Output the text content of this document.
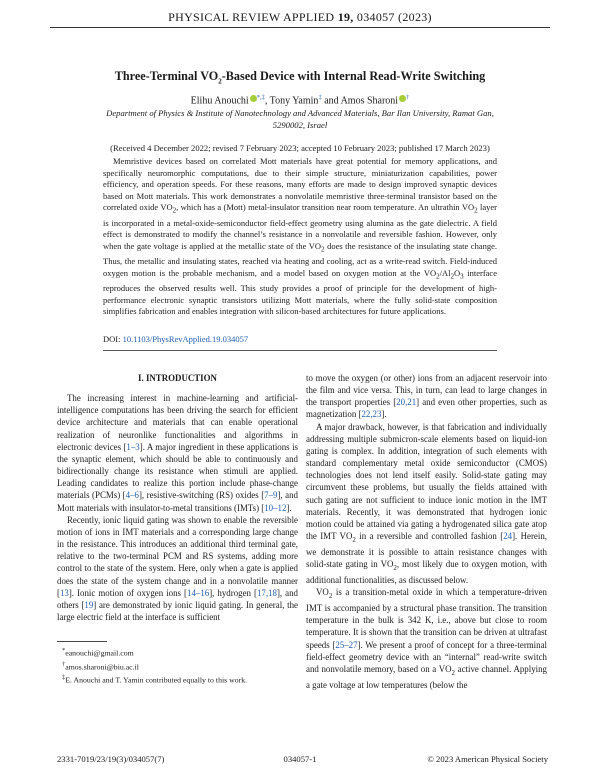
PHYSICAL REVIEW APPLIED 19, 034057 (2023)
Three-Terminal $VO_2$-Based Device with Internal Read-Write Switching
Elihu Anouchi *,‡, Tony Yamin‡ and Amos Sharoni †
Department of Physics & Institute of Nanotechnology and Advanced Materials, Bar Ilan University, Ramat Gan,
5290002, Israel
(Received 4 December 2022; revised 7 February 2023; accepted 10 February 2023; published 17 March 2023)

Memristive devices based on correlated Mott materials have great potential for memory applications, and specifically neuromorphic computations, due to their simple structure, miniaturization capabilities, power efficiency, and operation speeds. For these reasons, many efforts are made to design improved synaptic devices based on Mott materials. This work demonstrates a nonvolatile memristive three-terminal transistor based on the correlated oxide $VO_2$, which has a (Mott) metal-insulator transition near room temperature. An ultrathin $VO_2$ layer is incorporated in a metal-oxide-semiconductor field-effect geometry using alumina as the gate dielectric. A field effect is demonstrated to modify the channel’s resistance in a nonvolatile and reversible fashion. However, only when the gate voltage is applied at the metallic state of the $VO_2$ does the resistance of the insulating state change. Thus, the metallic and insulating states, reached via heating and cooling, act as a write-read switch. Field-induced oxygen motion is the probable mechanism, and a model based on oxygen motion at the $VO_2/Al_2O_3$ interface reproduces the observed results well. This study provides a proof of principle for the development of high-performance electronic synaptic transistors utilizing Mott materials, where the fully solid-state composition simplifies fabrication and enables integration with silicon-based architectures for future applications.

DOI: 10.1103/PhysRevApplied.19.034057
I. INTRODUCTION

The increasing interest in machine-learning and artificial-intelligence computations has been driving the search for efficient device architecture and materials that can enable operational realization of neuronlike functionalities and algorithms in electronic devices [1–3]. A major ingredient in these applications is the synaptic element, which should be able to continuously and bidirectionally change its resistance when stimuli are applied. Leading candidates to realize this portion include phase-change materials (PCMs) [4–6], resistive-switching (RS) oxides [7–9], and Mott materials with insulator-to-metal transitions (IMTs) [10–12].

Recently, ionic liquid gating was shown to enable the reversible motion of ions in IMT materials and a corresponding large change in the resistance. This introduces an additional third terminal gate, relative to the two-terminal PCM and RS systems, adding more control to the state of the system. Here, only when a gate is applied does the state of the system change and in a nonvolatile manner [13]. Ionic motion of oxygen ions [14–16], hydrogen [17,18], and others [19] are demonstrated by ionic liquid gating. In general, the large electric field at the interface is sufficient

to move the oxygen (or other) ions from an adjacent reservoir into the film and vice versa. This, in turn, can lead to large changes in the transport properties [20,21] and even other properties, such as magnetization [22,23].

A major drawback, however, is that fabrication and individually addressing multiple submicron-scale elements based on liquid-ion gating is complex. In addition, integration of such elements with standard complementary metal oxide semiconductor (CMOS) technologies does not lend itself easily. Solid-state gating may circumvent these problems, but usually the fields attained with such gating are not sufficient to induce ionic motion in the IMT materials. Recently, it was demonstrated that hydrogen ionic motion could be attained via gating a hydrogenated silica gate atop the IMT $VO_2$ in a reversible and controlled fashion [24]. Herein, we demonstrate it is possible to attain resistance changes with solid-state gating in $VO_2$, most likely due to oxygen motion, with additional functionalities, as discussed below.

$VO_2$ is a transition-metal oxide in which a temperature-driven IMT is accompanied by a structural phase transition. The transition temperature in the bulk is 342 K, i.e., above but close to room temperature. It is shown that the transition can be driven at ultrafast speeds [25–27]. We present a proof of concept for a three-terminal field-effect geometry device with an “internal” read-write switch and nonvolatile memory, based on a $VO_2$ active channel. Applying a gate voltage at low temperatures (below the

*eanouchi@gmail.com
†amos.sharoni@biu.ac.il
‡E. Anouchi and T. Yamin contributed equally to this work.
2331-7019/23/19(3)/034057(7)	034057-1	© 2023 American Physical Society
